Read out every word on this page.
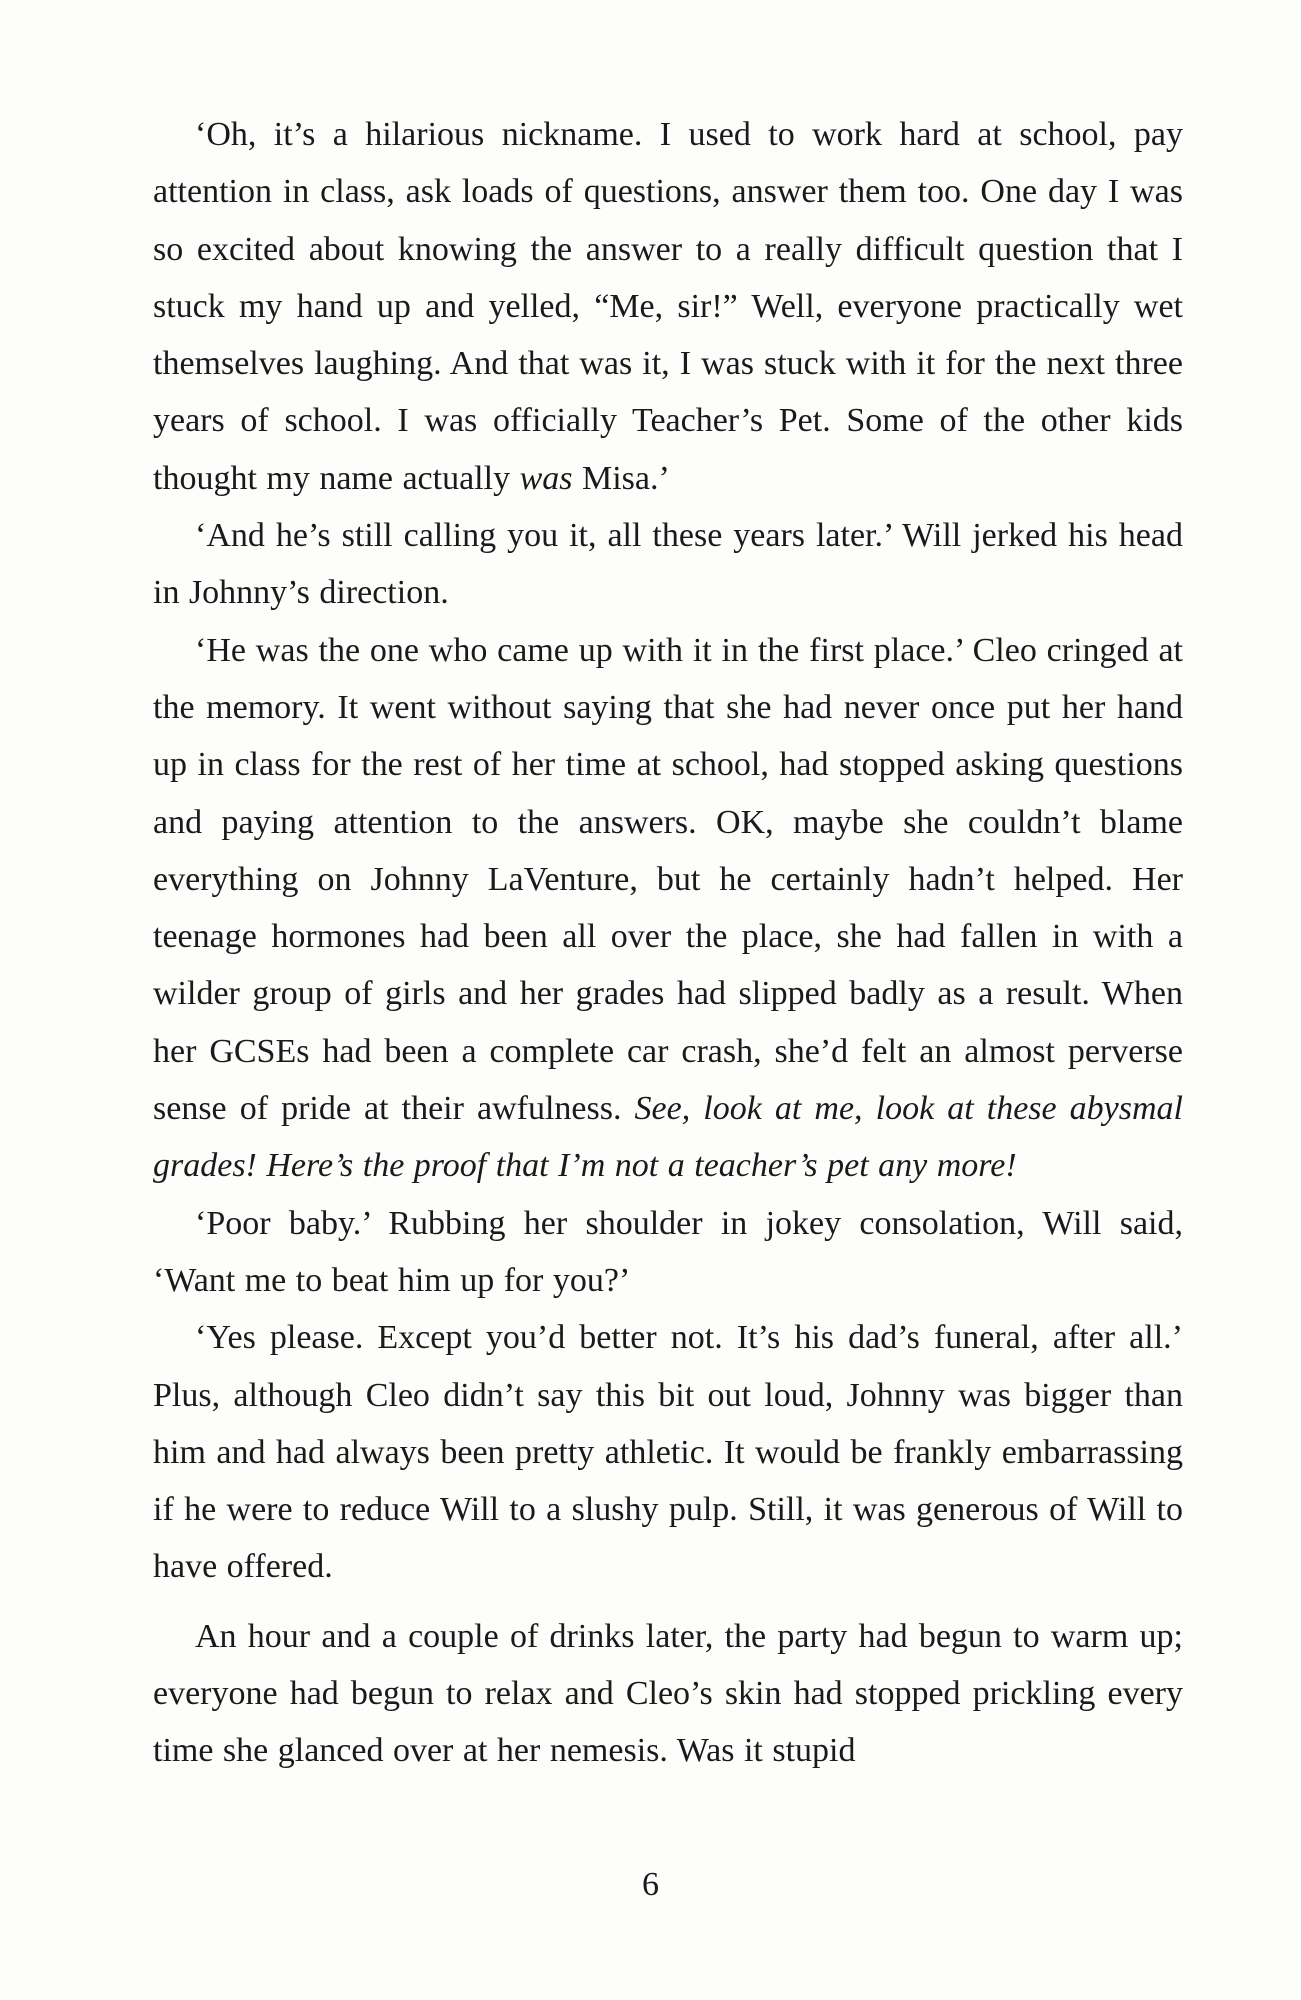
‘Oh, it’s a hilarious nickname. I used to work hard at school, pay attention in class, ask loads of questions, answer them too. One day I was so excited about knowing the answer to a really difficult question that I stuck my hand up and yelled, “Me, sir!” Well, everyone practically wet themselves laughing. And that was it, I was stuck with it for the next three years of school. I was officially Teacher’s Pet. Some of the other kids thought my name actually was Misa.’

‘And he’s still calling you it, all these years later.’ Will jerked his head in Johnny’s direction.

‘He was the one who came up with it in the first place.’ Cleo cringed at the memory. It went without saying that she had never once put her hand up in class for the rest of her time at school, had stopped asking questions and paying attention to the answers. OK, maybe she couldn’t blame everything on Johnny LaVenture, but he certainly hadn’t helped. Her teenage hormones had been all over the place, she had fallen in with a wilder group of girls and her grades had slipped badly as a result. When her GCSEs had been a complete car crash, she’d felt an almost perverse sense of pride at their awfulness. See, look at me, look at these abysmal grades! Here’s the proof that I’m not a teacher’s pet any more!

‘Poor baby.’ Rubbing her shoulder in jokey consolation, Will said, ‘Want me to beat him up for you?’

‘Yes please. Except you’d better not. It’s his dad’s funeral, after all.’ Plus, although Cleo didn’t say this bit out loud, Johnny was bigger than him and had always been pretty athletic. It would be frankly embarrassing if he were to reduce Will to a slushy pulp. Still, it was generous of Will to have offered.

An hour and a couple of drinks later, the party had begun to warm up; everyone had begun to relax and Cleo’s skin had stopped prickling every time she glanced over at her nemesis. Was it stupid

6
